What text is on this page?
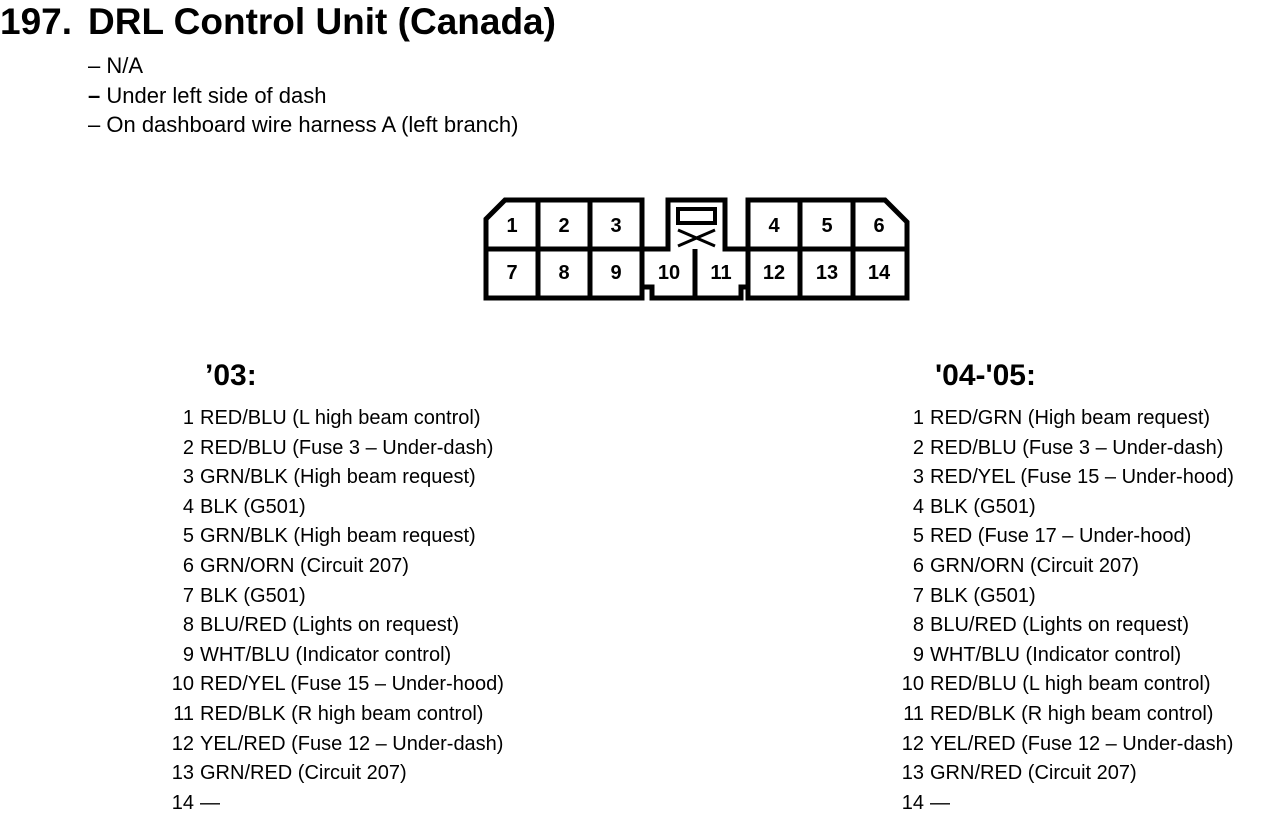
197. DRL Control Unit (Canada)
– N/A
– Under left side of dash
– On dashboard wire harness A (left branch)
1 2 3	4 5 6
7 8 9 10 11 12 13 14
’03:
1 RED/BLU (L high beam control)
2 RED/BLU (Fuse 3 – Under-dash)
3 GRN/BLK (High beam request)
4 BLK (G501)
5 GRN/BLK (High beam request)
6 GRN/ORN (Circuit 207)
7 BLK (G501)
8 BLU/RED (Lights on request)
9 WHT/BLU (Indicator control)
10 RED/YEL (Fuse 15 – Under-hood)
11 RED/BLK (R high beam control)
12 YEL/RED (Fuse 12 – Under-dash)
13 GRN/RED (Circuit 207)
14 —
'04-'05:
1 RED/GRN (High beam request)
2 RED/BLU (Fuse 3 – Under-dash)
3 RED/YEL (Fuse 15 – Under-hood)
4 BLK (G501)
5 RED (Fuse 17 – Under-hood)
6 GRN/ORN (Circuit 207)
7 BLK (G501)
8 BLU/RED (Lights on request)
9 WHT/BLU (Indicator control)
10 RED/BLU (L high beam control)
11 RED/BLK (R high beam control)
12 YEL/RED (Fuse 12 – Under-dash)
13 GRN/RED (Circuit 207)
14 —
